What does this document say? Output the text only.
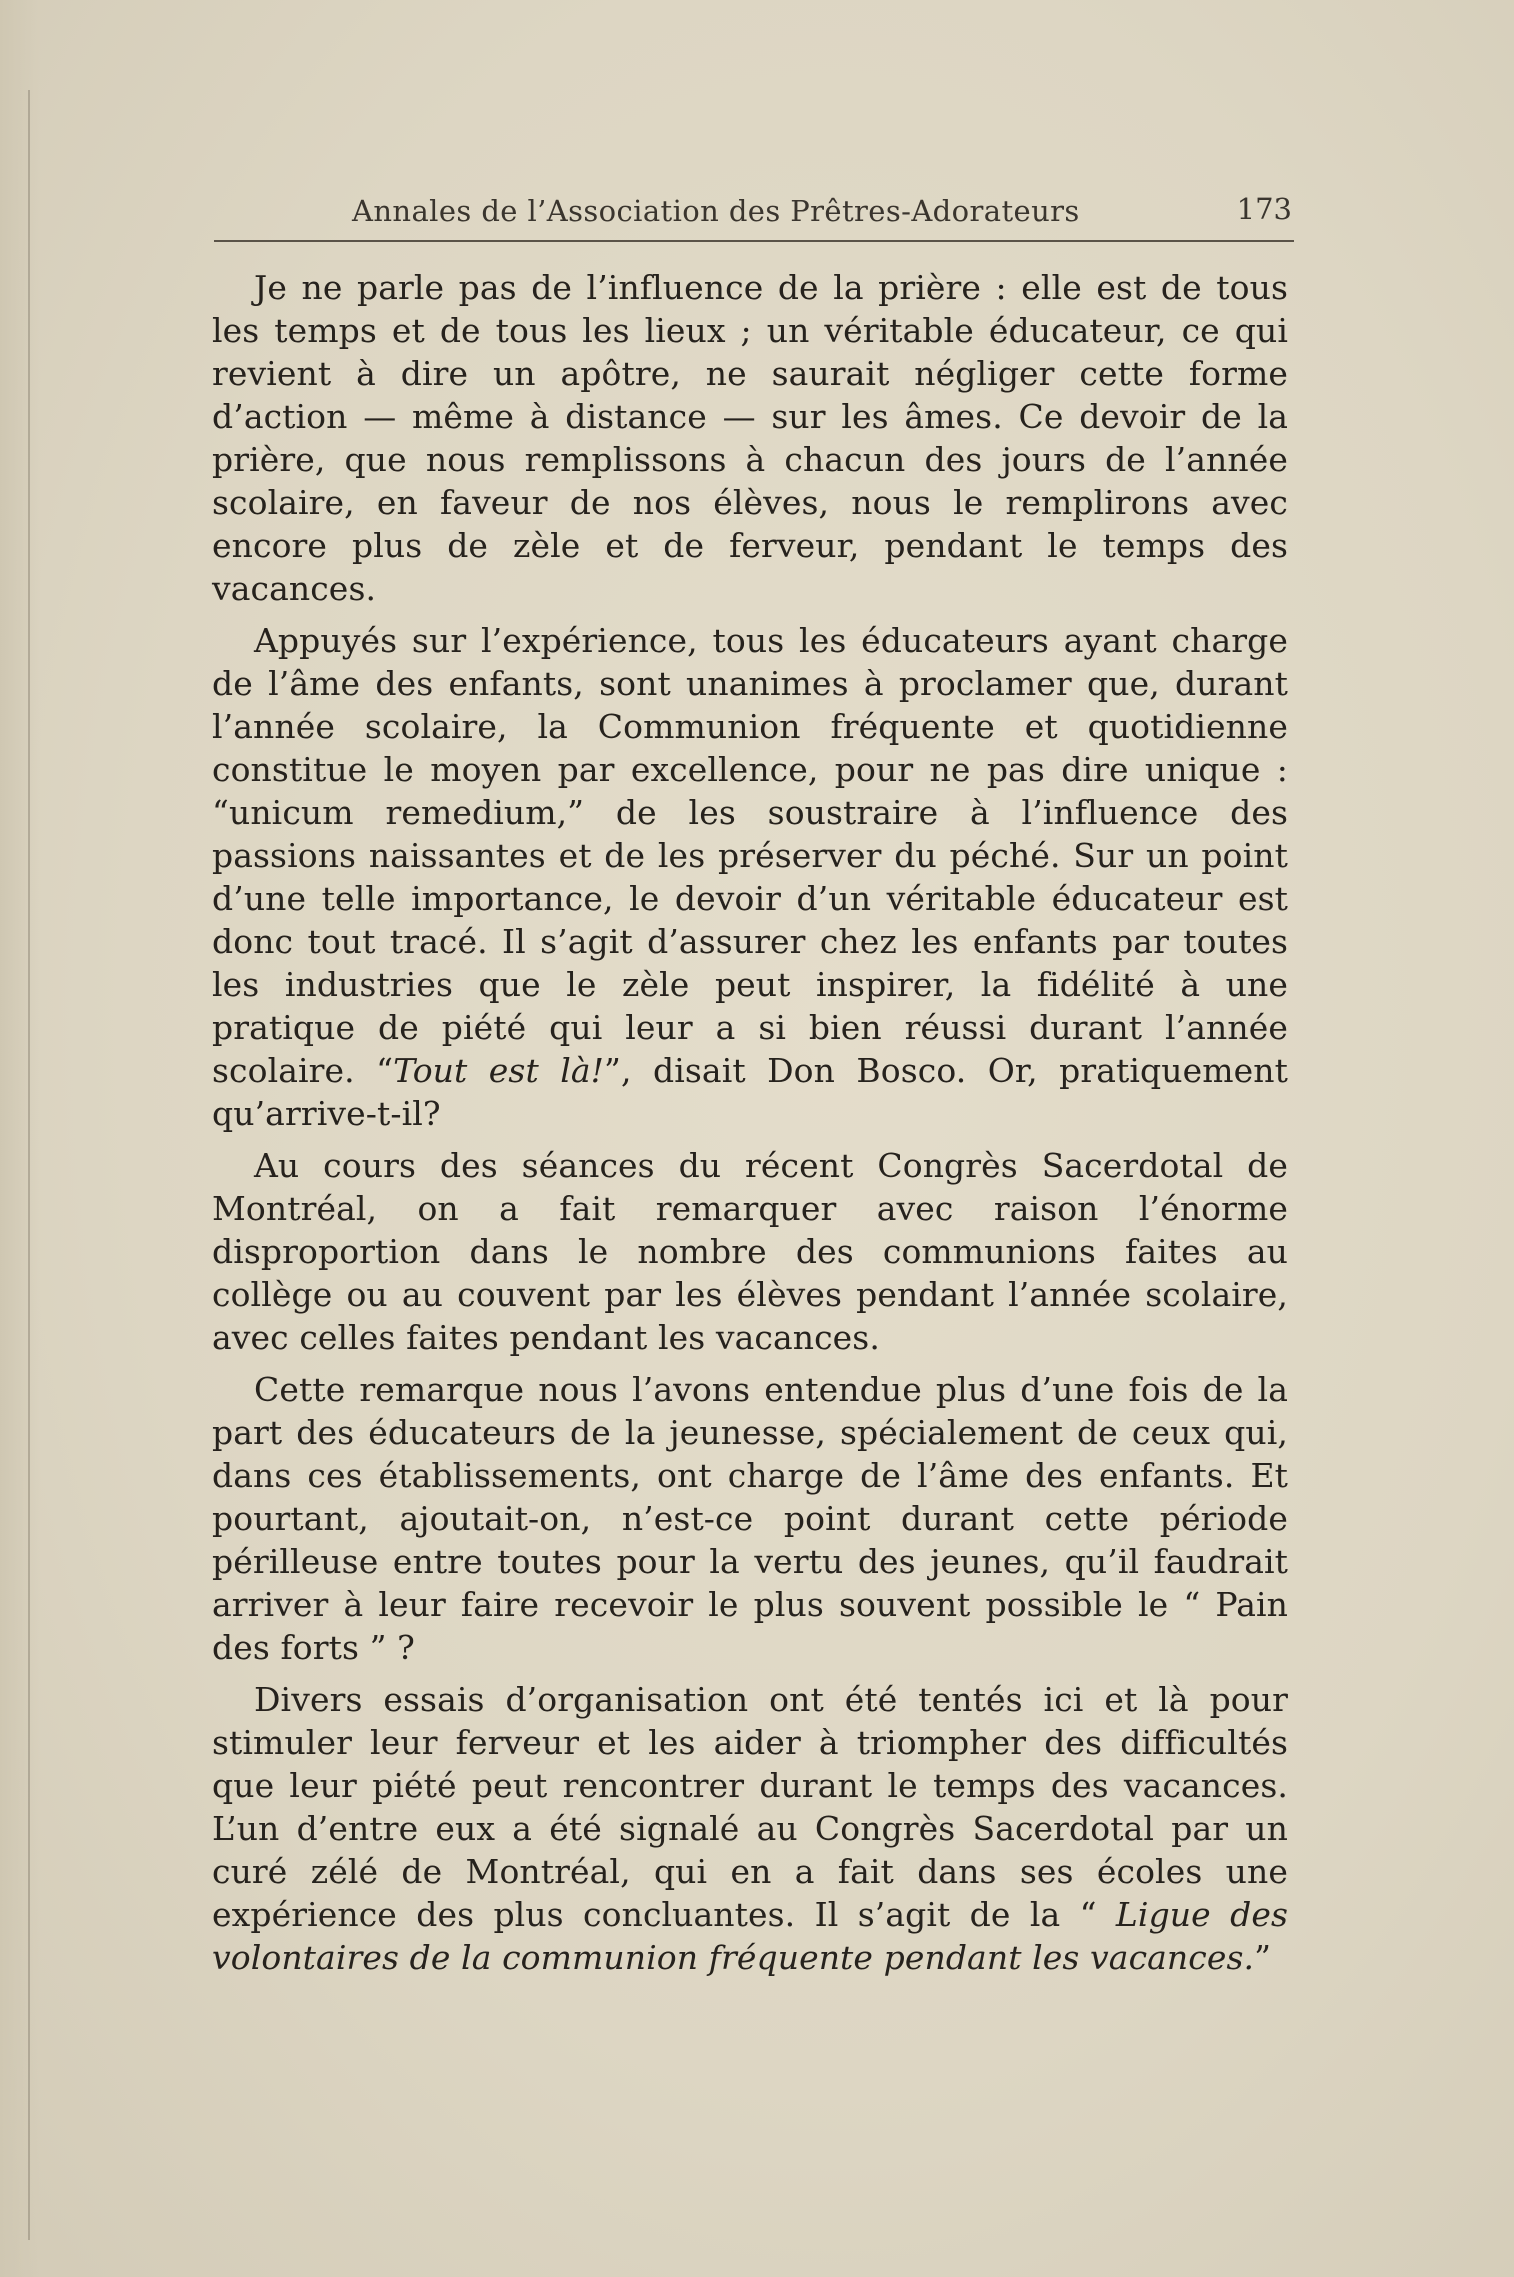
Annales de l’Association des Prêtres-Adorateurs	173

Je ne parle pas de l’influence de la prière : elle est de tous les temps et de tous les lieux ; un véritable éducateur, ce qui revient à dire un apôtre, ne saurait négliger cette forme d’action — même à distance — sur les âmes. Ce devoir de la prière, que nous remplissons à chacun des jours de l’année scolaire, en faveur de nos élèves, nous le remplirons avec encore plus de zèle et de ferveur, pendant le temps des vacances.

Appuyés sur l’expérience, tous les éducateurs ayant charge de l’âme des enfants, sont unanimes à proclamer que, durant l’année scolaire, la Communion fréquente et quotidienne constitue le moyen par excellence, pour ne pas dire unique : “unicum remedium,” de les soustraire à l’influence des passions naissantes et de les préserver du péché. Sur un point d’une telle importance, le devoir d’un véritable éducateur est donc tout tracé. Il s’agit d’assurer chez les enfants par toutes les industries que le zèle peut inspirer, la fidélité à une pratique de piété qui leur a si bien réussi durant l’année scolaire. “Tout est là!”, disait Don Bosco. Or, pratiquement qu’arrive-t-il?

Au cours des séances du récent Congrès Sacerdotal de Montréal, on a fait remarquer avec raison l’énorme disproportion dans le nombre des communions faites au collège ou au couvent par les élèves pendant l’année scolaire, avec celles faites pendant les vacances.

Cette remarque nous l’avons entendue plus d’une fois de la part des éducateurs de la jeunesse, spécialement de ceux qui, dans ces établissements, ont charge de l’âme des enfants. Et pourtant, ajoutait-on, n’est-ce point durant cette période périlleuse entre toutes pour la vertu des jeunes, qu’il faudrait arriver à leur faire recevoir le plus souvent possible le “ Pain des forts ” ?

Divers essais d’organisation ont été tentés ici et là pour stimuler leur ferveur et les aider à triompher des difficultés que leur piété peut rencontrer durant le temps des vacances. L’un d’entre eux a été signalé au Congrès Sacerdotal par un curé zélé de Montréal, qui en a fait dans ses écoles une expérience des plus concluantes. Il s’agit de la “ Ligue des volontaires de la communion fréquente pendant les vacances.”
